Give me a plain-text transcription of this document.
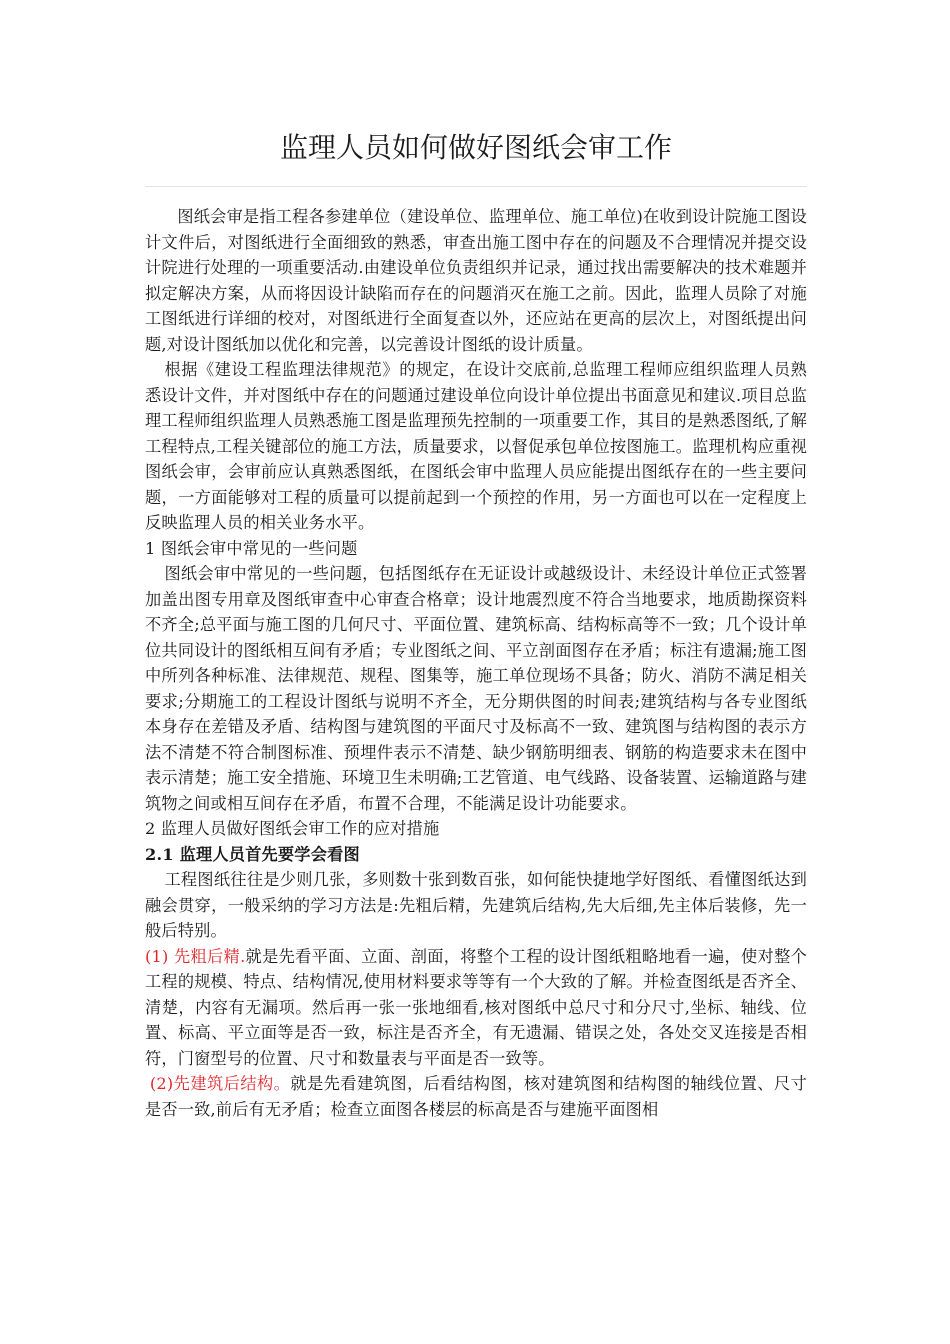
监理人员如何做好图纸会审工作

图纸会审是指工程各参建单位（建设单位、监理单位、施工单位)在收到设计院施工图设计文件后，对图纸进行全面细致的熟悉，审查出施工图中存在的问题及不合理情况并提交设计院进行处理的一项重要活动.由建设单位负责组织并记录，通过找出需要解决的技术难题并拟定解决方案，从而将因设计缺陷而存在的问题消灭在施工之前。因此，监理人员除了对施工图纸进行详细的校对，对图纸进行全面复查以外，还应站在更高的层次上，对图纸提出问题,对设计图纸加以优化和完善，以完善设计图纸的设计质量。

根据《建设工程监理法律规范》的规定，在设计交底前,总监理工程师应组织监理人员熟悉设计文件，并对图纸中存在的问题通过建设单位向设计单位提出书面意见和建议.项目总监理工程师组织监理人员熟悉施工图是监理预先控制的一项重要工作，其目的是熟悉图纸,了解工程特点,工程关键部位的施工方法，质量要求，以督促承包单位按图施工。监理机构应重视图纸会审，会审前应认真熟悉图纸，在图纸会审中监理人员应能提出图纸存在的一些主要问题，一方面能够对工程的质量可以提前起到一个预控的作用，另一方面也可以在一定程度上反映监理人员的相关业务水平。

1 图纸会审中常见的一些问题

图纸会审中常见的一些问题，包括图纸存在无证设计或越级设计、未经设计单位正式签署加盖出图专用章及图纸审查中心审查合格章；设计地震烈度不符合当地要求，地质勘探资料不齐全;总平面与施工图的几何尺寸、平面位置、建筑标高、结构标高等不一致；几个设计单位共同设计的图纸相互间有矛盾；专业图纸之间、平立剖面图存在矛盾；标注有遗漏;施工图中所列各种标准、法律规范、规程、图集等，施工单位现场不具备；防火、消防不满足相关要求;分期施工的工程设计图纸与说明不齐全，无分期供图的时间表;建筑结构与各专业图纸本身存在差错及矛盾、结构图与建筑图的平面尺寸及标高不一致、建筑图与结构图的表示方法不清楚不符合制图标准、预埋件表示不清楚、缺少钢筋明细表、钢筋的构造要求未在图中表示清楚；施工安全措施、环境卫生未明确;工艺管道、电气线路、设备装置、运输道路与建筑物之间或相互间存在矛盾，布置不合理，不能满足设计功能要求。

2 监理人员做好图纸会审工作的应对措施

2.1 监理人员首先要学会看图

工程图纸往往是少则几张，多则数十张到数百张，如何能快捷地学好图纸、看懂图纸达到融会贯穿，一般采纳的学习方法是:先粗后精，先建筑后结构,先大后细,先主体后装修，先一般后特别。

(1) 先粗后精.就是先看平面、立面、剖面，将整个工程的设计图纸粗略地看一遍，使对整个工程的规模、特点、结构情况,使用材料要求等等有一个大致的了解。并检查图纸是否齐全、清楚，内容有无漏项。然后再一张一张地细看,核对图纸中总尺寸和分尺寸,坐标、轴线、位置、标高、平立面等是否一致，标注是否齐全，有无遗漏、错误之处，各处交叉连接是否相符，门窗型号的位置、尺寸和数量表与平面是否一致等。

(2)先建筑后结构。就是先看建筑图，后看结构图，核对建筑图和结构图的轴线位置、尺寸是否一致,前后有无矛盾；检查立面图各楼层的标高是否与建施平面图相
